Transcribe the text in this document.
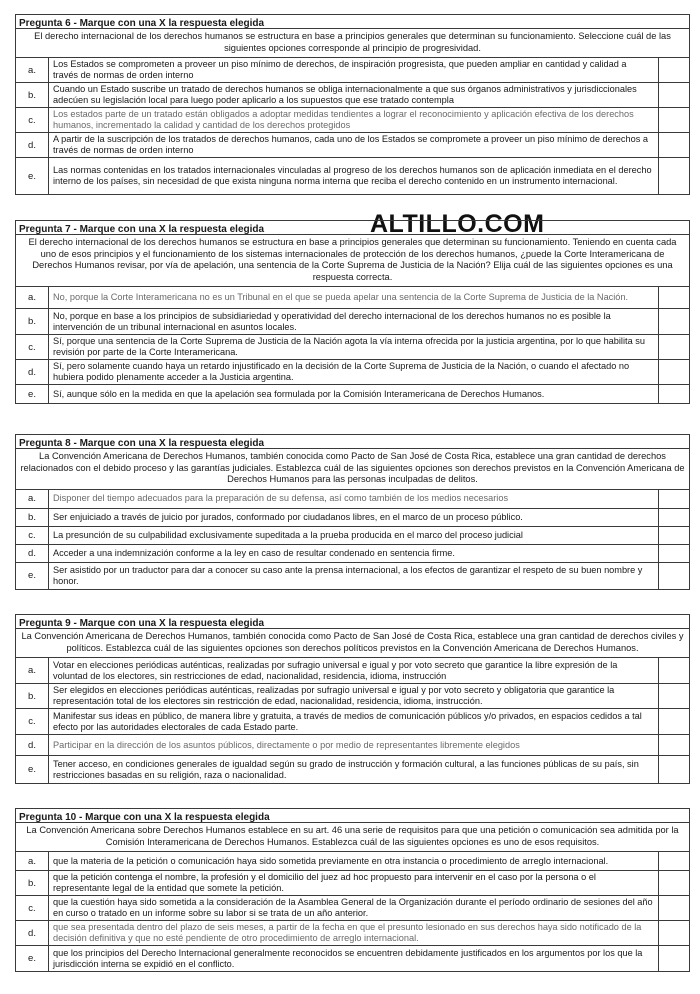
ALTILLO.COM
Pregunta 6 - Marque con una X la respuesta elegida
El derecho internacional de los derechos humanos se estructura en base a principios generales que determinan su funcionamiento. Seleccione cuál de las siguientes opciones corresponde al principio de progresividad.
a.
Los Estados se comprometen a proveer un piso mínimo de derechos, de inspiración progresista, que pueden ampliar en cantidad y calidad a través de normas de orden interno
b.
Cuando un Estado suscribe un tratado de derechos humanos se obliga internacionalmente a que sus órganos administrativos y jurisdiccionales adecúen su legislación local para luego poder aplicarlo a los supuestos que ese tratado contempla
c.
Los estados parte de un tratado están obligados a adoptar medidas tendientes a lograr el reconocimiento y aplicación efectiva de los derechos humanos, incrementado la calidad y cantidad de los derechos protegidos
d.
A partir de la suscripción de los tratados de derechos humanos, cada uno de los Estados se compromete a proveer un piso mínimo de derechos a través de normas de orden interno
e.
Las normas contenidas en los tratados internacionales vinculadas al progreso de los derechos humanos son de aplicación inmediata en el derecho interno de los países, sin necesidad de que exista ninguna norma interna que reciba el derecho contenido en un instrumento internacional.
Pregunta 7 - Marque con una X la respuesta elegida
El derecho internacional de los derechos humanos se estructura en base a principios generales que determinan su funcionamiento. Teniendo en cuenta cada uno de esos principios y el funcionamiento de los sistemas internacionales de protección de los derechos humanos, ¿puede la Corte Interamericana de Derechos Humanos revisar, por vía de apelación, una sentencia de la Corte Suprema de Justicia de la Nación? Elija cuál de las siguientes opciones es una respuesta correcta.
a.	No, porque la Corte Interamericana no es un Tribunal en el que se pueda apelar una sentencia de la Corte Suprema de Justicia de la Nación.
b.
No, porque en base a los principios de subsidiariedad y operatividad del derecho internacional de los derechos humanos no es posible la intervención de un tribunal internacional en asuntos locales.
c.
Sí, porque una sentencia de la Corte Suprema de Justicia de la Nación agota la vía interna ofrecida por la justicia argentina, por lo que habilita su revisión por parte de la Corte Interamericana.
d.
Sí, pero solamente cuando haya un retardo injustificado en la decisión de la Corte Suprema de Justicia de la Nación, o cuando el afectado no hubiera podido plenamente acceder a la Justicia argentina.
e.	Sí, aunque sólo en la medida en que la apelación sea formulada por la Comisión Interamericana de Derechos Humanos.
Pregunta 8 - Marque con una X la respuesta elegida
La Convención Americana de Derechos Humanos, también conocida como Pacto de San José de Costa Rica, establece una gran cantidad de derechos relacionados con el debido proceso y las garantías judiciales. Establezca cuál de las siguientes opciones son derechos previstos en la Convención Americana de Derechos Humanos para las personas inculpadas de delitos.
a.	Disponer del tiempo adecuados para la preparación de su defensa, así como también de los medios necesarios
b.	Ser enjuiciado a través de juicio por jurados, conformado por ciudadanos libres, en el marco de un proceso público.
c.	La presunción de su culpabilidad exclusivamente supeditada a la prueba producida en el marco del proceso judicial
d.	Acceder a una indemnización conforme a la ley en caso de resultar condenado en sentencia firme.
e.
Ser asistido por un traductor para dar a conocer su caso ante la prensa internacional, a los efectos de garantizar el respeto de su buen nombre y honor.
Pregunta 9 - Marque con una X la respuesta elegida
La Convención Americana de Derechos Humanos, también conocida como Pacto de San José de Costa Rica, establece una gran cantidad de derechos civiles y políticos. Establezca cuál de las siguientes opciones son derechos políticos previstos en la Convención Americana de Derechos Humanos.
a.
Votar en elecciones periódicas auténticas, realizadas por sufragio universal e igual y por voto secreto que garantice la libre expresión de la voluntad de los electores, sin restricciones de edad, nacionalidad, residencia, idioma, instrucción
b.
Ser elegidos en elecciones periódicas auténticas, realizadas por sufragio universal e igual y por voto secreto y obligatoria que garantice la representación total de los electores sin restricción de edad, nacionalidad, residencia, idioma, instrucción.
c.
Manifestar sus ideas en público, de manera libre y gratuita, a través de medios de comunicación públicos y/o privados, en espacios cedidos a tal efecto por las autoridades electorales de cada Estado parte.
d.	Participar en la dirección de los asuntos públicos, directamente o por medio de representantes libremente elegidos
e.
Tener acceso, en condiciones generales de igualdad según su grado de instrucción y formación cultural, a las funciones públicas de su país, sin restricciones basadas en su religión, raza o nacionalidad.
Pregunta 10 - Marque con una X la respuesta elegida
La Convención Americana sobre Derechos Humanos establece en su art. 46 una serie de requisitos para que una petición o comunicación sea admitida por la Comisión Interamericana de Derechos Humanos. Establezca cuál de las siguientes opciones es uno de esos requisitos.
a.	que la materia de la petición o comunicación haya sido sometida previamente en otra instancia o procedimiento de arreglo internacional.
b.
que la petición contenga el nombre, la profesión y el domicilio del juez ad hoc propuesto para intervenir en el caso por la persona o el representante legal de la entidad que somete la petición.
c.
que la cuestión haya sido sometida a la consideración de la Asamblea General de la Organización durante el período ordinario de sesiones del año en curso o tratado en un informe sobre su labor si se trata de un año anterior.
d.
que sea presentada dentro del plazo de seis meses, a partir de la fecha en que el presunto lesionado en sus derechos haya sido notificado de la decisión definitiva y que no esté pendiente de otro procedimiento de arreglo internacional.
e.
que los principios del Derecho Internacional generalmente reconocidos se encuentren debidamente justificados en los argumentos por los que la jurisdicción interna se expidió en el conflicto.
